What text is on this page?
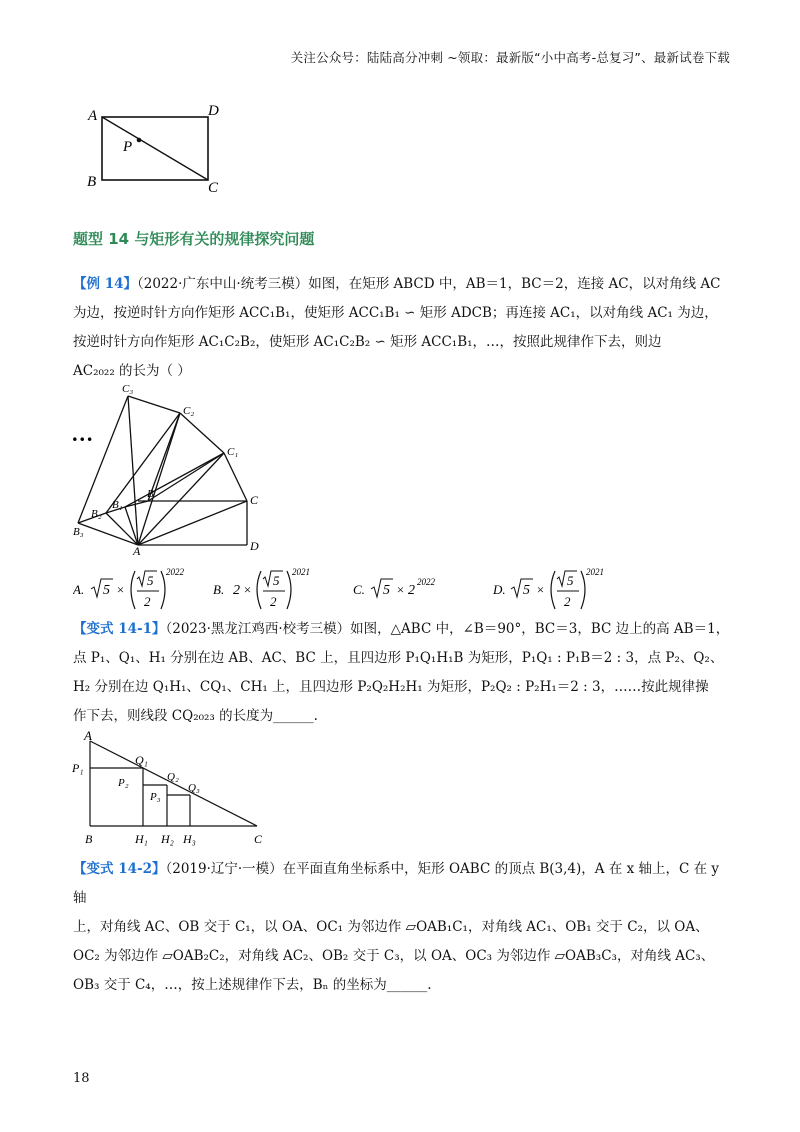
关注公众号：陆陆高分冲刺 ~领取：最新版“小中高考-总复习”、最新试卷下载
A	D
B	C
P
题型 14 与矩形有关的规律探究问题
【例 14】（2022·广东中山·统考三模）如图，在矩形 ABCD 中，AB＝1，BC＝2，连接 AC，以对角线 AC
为边，按逆时针方向作矩形 ACC₁B₁，使矩形 ACC₁B₁ ∽ 矩形 ADCB；再连接 AC₁，以对角线 AC₁ 为边，
按逆时针方向作矩形 AC₁C₂B₂，使矩形 AC₁C₂B₂ ∽ 矩形 ACC₁B₁，…，按照此规律作下去，则边
AC₂₀₂₂ 的长为（ ）
C₃
C₂
C₁
C
B
B₁
B₂
B₃
A	D
…
A. 5 ×
5
2
2022
B. 2 ×
5
2
2021
C. 5 × 2
2022	D. 5 ×
5
2
2021
【变式 14-1】（2023·黑龙江鸡西·校考三模）如图，△ABC 中，∠B＝90°，BC＝3，BC 边上的高 AB＝1，
点 P₁、Q₁、H₁ 分别在边 AB、AC、BC 上，且四边形 P₁Q₁H₁B 为矩形，P₁Q₁ : P₁B＝2 : 3，点 P₂、Q₂、
H₂ 分别在边 Q₁H₁、CQ₁、CH₁ 上，且四边形 P₂Q₂H₂H₁ 为矩形，P₂Q₂ : P₂H₁＝2 : 3，……按此规律操
作下去，则线段 CQ₂₀₂₃ 的长度为______.
A
P₁
Q₁
P₂	Q₂
P₃
Q₃
B	H₁ H₂ H₃	C
【变式 14-2】（2019·辽宁·一模）在平面直角坐标系中，矩形 OABC 的顶点 B(3,4)，A 在 x 轴上，C 在 y 轴
上，对角线 AC、OB 交于 C₁，以 OA、OC₁ 为邻边作 ▱OAB₁C₁，对角线 AC₁、OB₁ 交于 C₂，以 OA、
OC₂ 为邻边作 ▱OAB₂C₂，对角线 AC₂、OB₂ 交于 C₃，以 OA、OC₃ 为邻边作 ▱OAB₃C₃，对角线 AC₃、
OB₃ 交于 C₄，…，按上述规律作下去，Bₙ 的坐标为______.
18
